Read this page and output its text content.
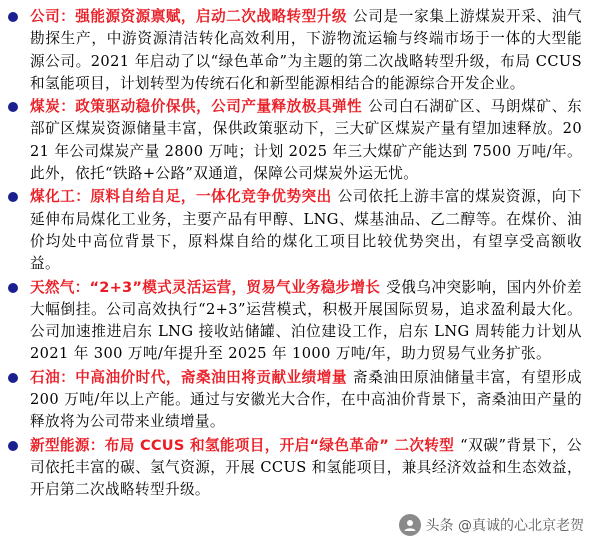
公司：强能源资源禀赋，启动二次战略转型升级 公司是一家集上游煤炭开采、油气勘探生产，中游资源清洁转化高效利用，下游物流运输与终端市场于一体的大型能源公司。2021 年启动了以“绿色革命”为主题的第二次战略转型升级，布局 CCUS 和氢能项目，计划转型为传统石化和新型能源相结合的能源综合开发企业。

煤炭：政策驱动稳价保供，公司产量释放极具弹性 公司白石湖矿区、马朗煤矿、东部矿区煤炭资源储量丰富，保供政策驱动下，三大矿区煤炭产量有望加速释放。2021 年公司煤炭产量 2800 万吨；计划 2025 年三大煤矿产能达到 7500 万吨/年。此外，依托“铁路+公路”双通道，保障公司煤炭外运无忧。

煤化工：原料自给自足，一体化竞争优势突出 公司依托上游丰富的煤炭资源，向下延伸布局煤化工业务，主要产品有甲醇、LNG、煤基油品、乙二醇等。在煤价、油价均处中高位背景下，原料煤自给的煤化工项目比较优势突出，有望享受高额收益。

天然气：“2+3”模式灵活运营，贸易气业务稳步增长 受俄乌冲突影响，国内外价差大幅倒挂。公司高效执行“2+3”运营模式，积极开展国际贸易，追求盈利最大化。公司加速推进启东 LNG 接收站储罐、泊位建设工作，启东 LNG 周转能力计划从 2021 年 300 万吨/年提升至 2025 年 1000 万吨/年，助力贸易气业务扩张。

石油：中高油价时代，斋桑油田将贡献业绩增量 斋桑油田原油储量丰富，有望形成 200 万吨/年以上产能。通过与安徽光大合作，在中高油价背景下，斋桑油田产量的释放将为公司带来业绩增量。

新型能源：布局 CCUS 和氢能项目，开启“绿色革命” 二次转型 “双碳”背景下，公司依托丰富的碳、氢气资源，开展 CCUS 和氢能项目，兼具经济效益和生态效益，开启第二次战略转型升级。

头条 @真诚的心北京老贺
